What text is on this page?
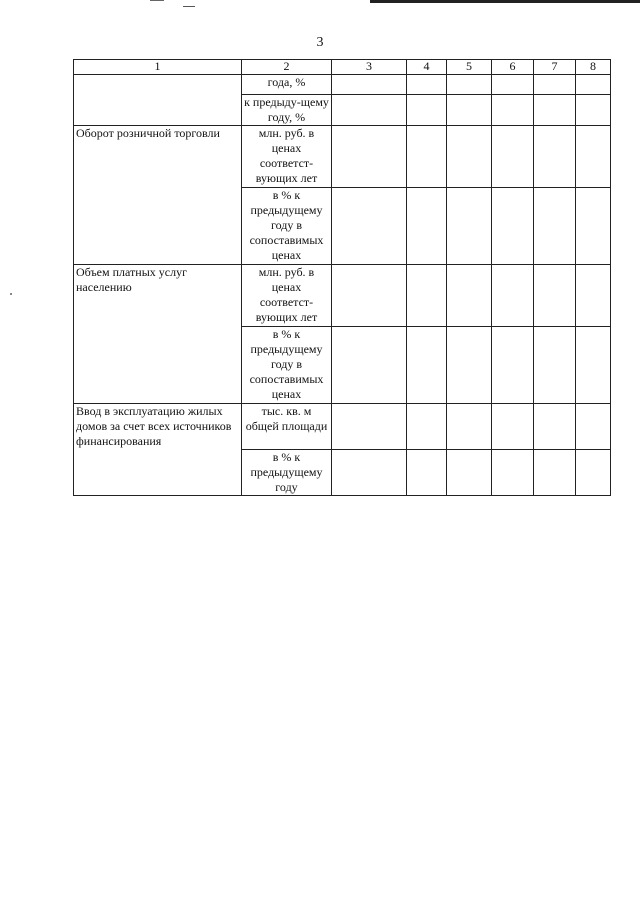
3
1	2	3	4	5	6	7	8
	года, %						
	к предыду-щему году, %						
Оборот розничной торговли	млн. руб. в ценах соответст-вующих лет						
	в % к предыдущему году в сопоставимых ценах						
Объем платных услуг населению	млн. руб. в ценах соответст-вующих лет						
	в % к предыдущему году в сопоставимых ценах						
Ввод в эксплуатацию жилых домов за счет всех источников финансирования	тыс. кв. м общей площади						
	в % к предыдущему году						
